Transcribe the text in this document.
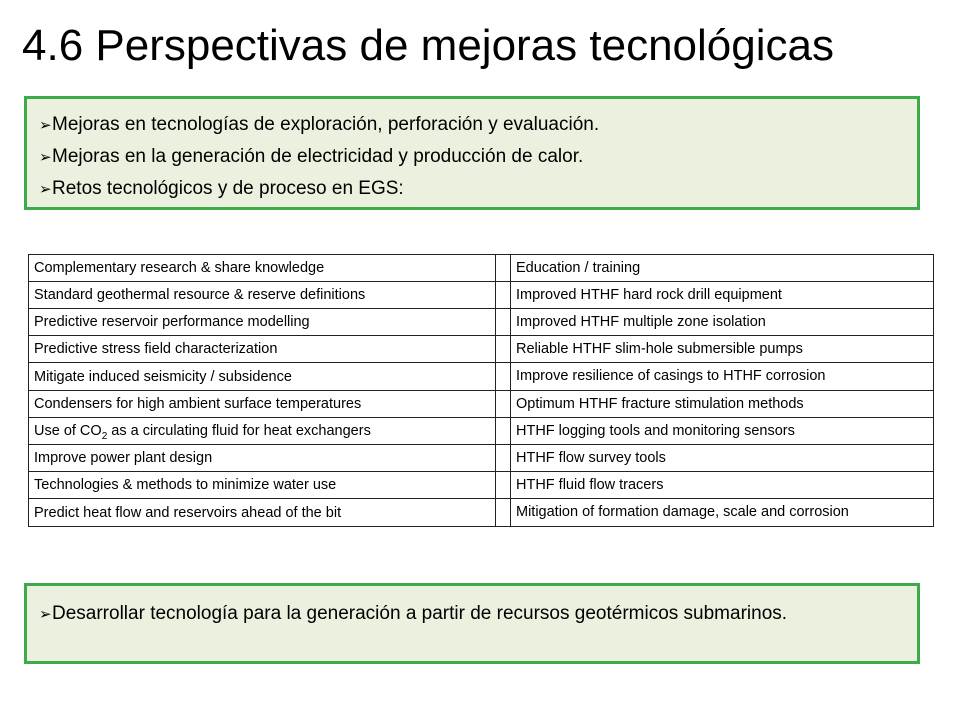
4.6 Perspectivas de mejoras tecnológicas
➢ Mejoras en tecnologías de exploración, perforación y evaluación.
➢ Mejoras en la generación de electricidad y producción de calor.
➢ Retos tecnológicos y de proceso en EGS:
Complementary research & share knowledge		Education / training
Standard geothermal resource & reserve definitions		Improved HTHF hard rock drill equipment
Predictive reservoir performance modelling		Improved HTHF multiple zone isolation
Predictive stress field characterization		Reliable HTHF slim-hole submersible pumps
Mitigate induced seismicity / subsidence		Improve resilience of casings to HTHF corrosion
Condensers for high ambient surface temperatures		Optimum HTHF fracture stimulation methods
Use of $CO_2$ as a circulating fluid for heat exchangers		HTHF logging tools and monitoring sensors
Improve power plant design		HTHF flow survey tools
Technologies & methods to minimize water use		HTHF fluid flow tracers
Predict heat flow and reservoirs ahead of the bit		Mitigation of formation damage, scale and corrosion
➢ Desarrollar tecnología para la generación a partir de recursos geotérmicos submarinos.
